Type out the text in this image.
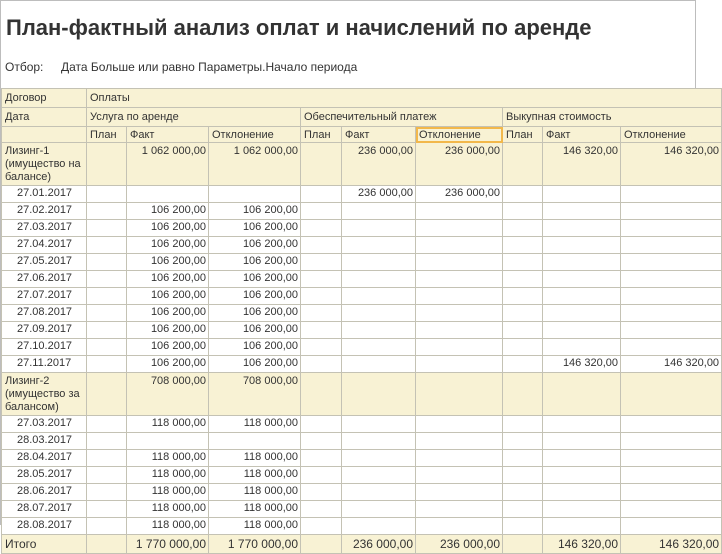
План-фактный анализ оплат и начислений по аренде
Отбор: Дата Больше или равно Параметры.Начало периода
Договор	Оплаты								
Дата	Услуга по аренде			Обеспечительный платеж			Выкупная стоимость		
	План	Факт	Отклонение	План	Факт	Отклонение	План	Факт	Отклонение
Лизинг-1 (имущество на балансе)		1 062 000,00	1 062 000,00		236 000,00	236 000,00		146 320,00	146 320,00
27.01.2017					236 000,00	236 000,00			
27.02.2017		106 200,00	106 200,00						
27.03.2017		106 200,00	106 200,00						
27.04.2017		106 200,00	106 200,00						
27.05.2017		106 200,00	106 200,00						
27.06.2017		106 200,00	106 200,00						
27.07.2017		106 200,00	106 200,00						
27.08.2017		106 200,00	106 200,00						
27.09.2017		106 200,00	106 200,00						
27.10.2017		106 200,00	106 200,00						
27.11.2017		106 200,00	106 200,00					146 320,00	146 320,00
Лизинг-2 (имущество за балансом)		708 000,00	708 000,00						
27.03.2017		118 000,00	118 000,00						
28.03.2017									
28.04.2017		118 000,00	118 000,00						
28.05.2017		118 000,00	118 000,00						
28.06.2017		118 000,00	118 000,00						
28.07.2017		118 000,00	118 000,00						
28.08.2017		118 000,00	118 000,00						
Итого		1 770 000,00	1 770 000,00		236 000,00	236 000,00		146 320,00	146 320,00
